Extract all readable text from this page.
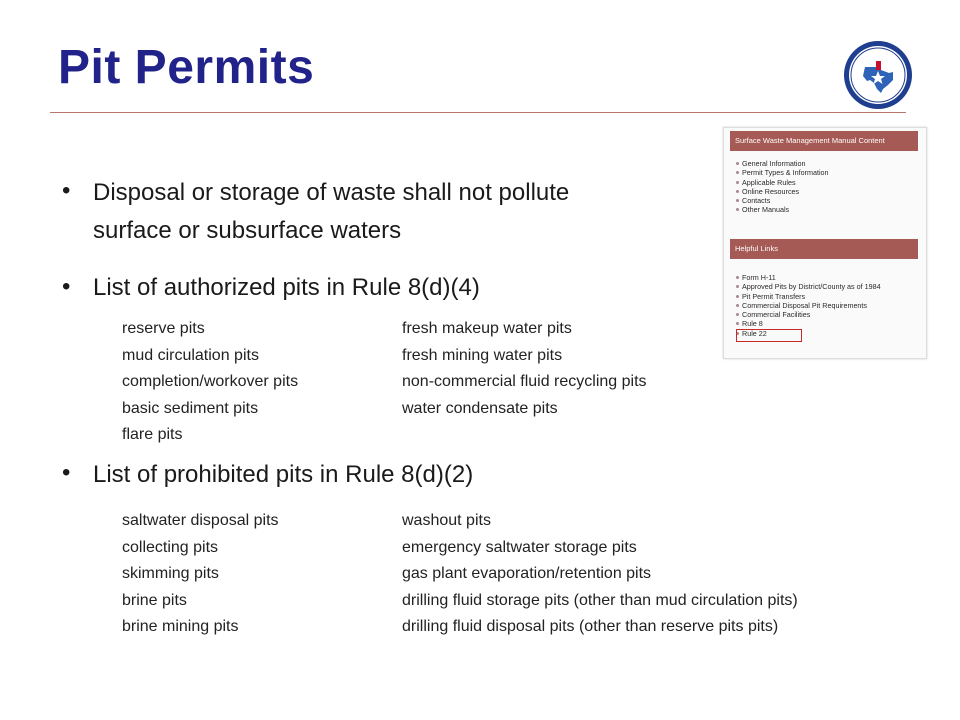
Pit Permits
• Disposal or storage of waste shall not pollute
surface or subsurface waters
• List of authorized pits in Rule 8(d)(4)
reserve pits	fresh makeup water pits
mud circulation pits	fresh mining water pits
completion/workover pits	non-commercial fluid recycling pits
basic sediment pits	water condensate pits
flare pits
• List of prohibited pits in Rule 8(d)(2)
saltwater disposal pits	washout pits
collecting pits	emergency saltwater storage pits
skimming pits	gas plant evaporation/retention pits
brine pits	drilling fluid storage pits (other than mud circulation pits)
brine mining pits	drilling fluid disposal pits (other than reserve pits pits)
Surface Waste Management Manual Content
General Information
Permit Types & Information
Applicable Rules
Online Resources
Contacts
Other Manuals
Helpful Links
Form H-11
Approved Pits by District/County as of 1984
Pit Permit Transfers
Commercial Disposal Pit Requirements
Commercial Facilities
Rule 8
Rule 22
